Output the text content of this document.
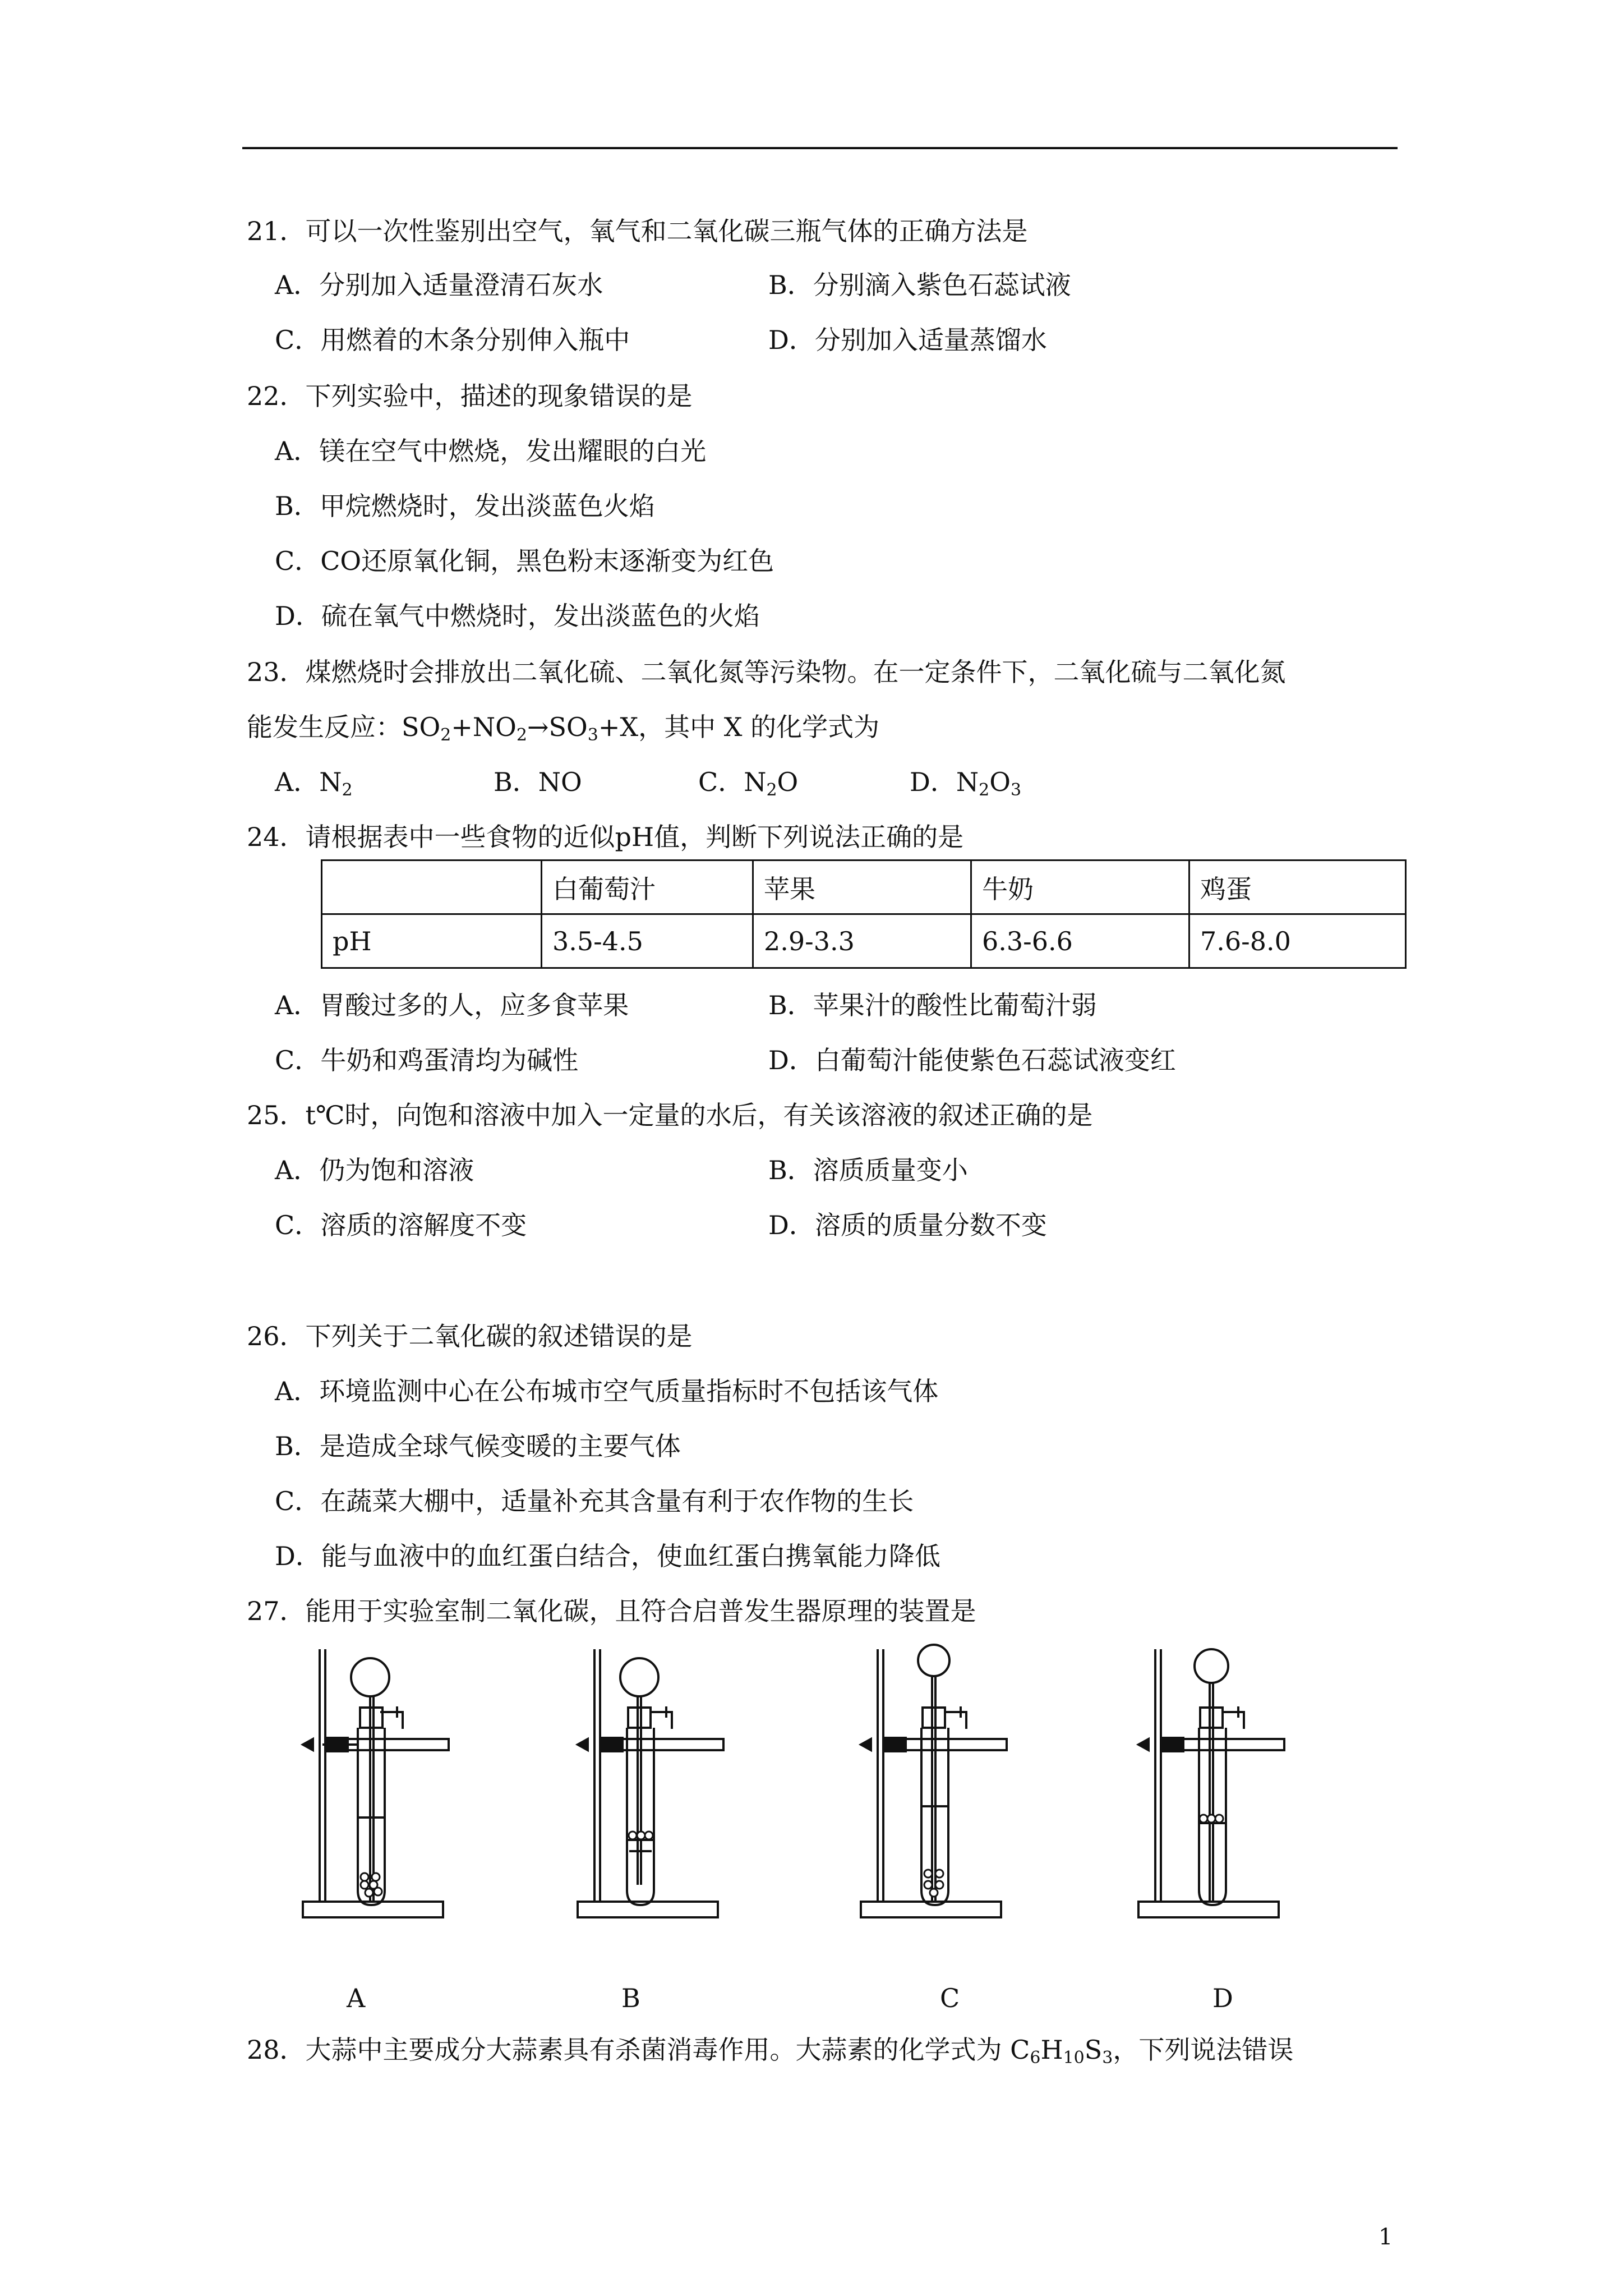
21．可以一次性鉴别出空气，氧气和二氧化碳三瓶气体的正确方法是
A．分别加入适量澄清石灰水	B．分别滴入紫色石蕊试液
C．用燃着的木条分别伸入瓶中	D．分别加入适量蒸馏水
22．下列实验中，描述的现象错误的是
A．镁在空气中燃烧，发出耀眼的白光
B．甲烷燃烧时，发出淡蓝色火焰
C．CO还原氧化铜，黑色粉末逐渐变为红色
D．硫在氧气中燃烧时，发出淡蓝色的火焰
23．煤燃烧时会排放出二氧化硫、二氧化氮等污染物。在一定条件下，二氧化硫与二氧化氮
能发生反应：$SO_2+NO_2\to SO_3+X$，其中 X 的化学式为
A．$N_2$	B．NO	C．$N_2O$	D．$N_2O_3$
24．请根据表中一些食物的近似pH值，判断下列说法正确的是
	白葡萄汁	苹果	牛奶	鸡蛋
pH	3.5-4.5	2.9-3.3	6.3-6.6	7.6-8.0
A．胃酸过多的人，应多食苹果	B．苹果汁的酸性比葡萄汁弱
C．牛奶和鸡蛋清均为碱性	D．白葡萄汁能使紫色石蕊试液变红
25．t℃时，向饱和溶液中加入一定量的水后，有关该溶液的叙述正确的是
A．仍为饱和溶液	B．溶质质量变小
C．溶质的溶解度不变	D．溶质的质量分数不变
26．下列关于二氧化碳的叙述错误的是
A．环境监测中心在公布城市空气质量指标时不包括该气体
B．是造成全球气候变暖的主要气体
C．在蔬菜大棚中，适量补充其含量有利于农作物的生长
D．能与血液中的血红蛋白结合，使血红蛋白携氧能力降低
27．能用于实验室制二氧化碳，且符合启普发生器原理的装置是
A	B	C	D
28．大蒜中主要成分大蒜素具有杀菌消毒作用。大蒜素的化学式为 $C_6H_{10}S_3$，下列说法错误
1
